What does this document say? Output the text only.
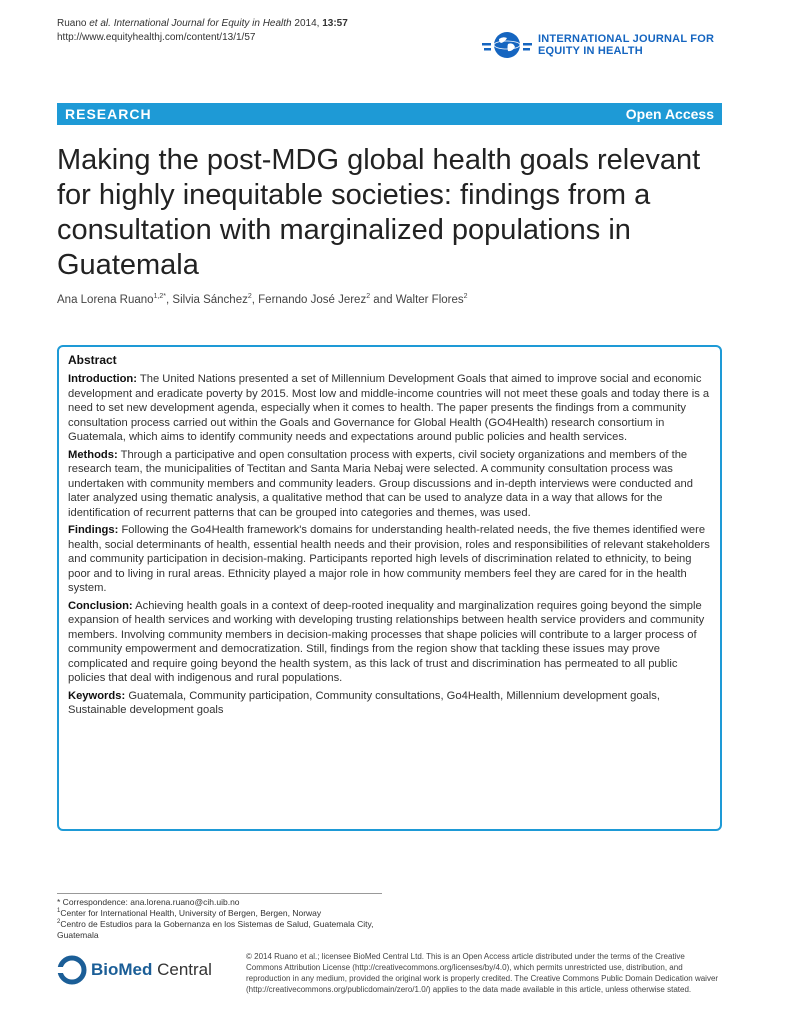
Ruano et al. International Journal for Equity in Health 2014, 13:57
http://www.equityhealthj.com/content/13/1/57	INTERNATIONAL JOURNAL FOR
EQUITY IN HEALTH
RESEARCH	Open Access
Making the post-MDG global health goals relevant for highly inequitable societies: findings from a consultation with marginalized populations in Guatemala
Ana Lorena Ruano$^{1,2*}$, Silvia Sánchez$^2$, Fernando José Jerez$^2$ and Walter Flores$^2$
Abstract

Introduction: The United Nations presented a set of Millennium Development Goals that aimed to improve social and economic development and eradicate poverty by 2015. Most low and middle-income countries will not meet these goals and today there is a need to set new development agenda, especially when it comes to health. The paper presents the findings from a community consultation process carried out within the Goals and Governance for Global Health (GO4Health) research consortium in Guatemala, which aims to identify community needs and expectations around public policies and health services.

Methods: Through a participative and open consultation process with experts, civil society organizations and members of the research team, the municipalities of Tectitan and Santa Maria Nebaj were selected. A community consultation process was undertaken with community members and community leaders. Group discussions and in-depth interviews were conducted and later analyzed using thematic analysis, a qualitative method that can be used to analyze data in a way that allows for the identification of recurrent patterns that can be grouped into categories and themes, was used.

Findings: Following the Go4Health framework's domains for understanding health-related needs, the five themes identified were health, social determinants of health, essential health needs and their provision, roles and responsibilities of relevant stakeholders and community participation in decision-making. Participants reported high levels of discrimination related to ethnicity, to being poor and to living in rural areas. Ethnicity played a major role in how community members feel they are cared for in the health system.

Conclusion: Achieving health goals in a context of deep-rooted inequality and marginalization requires going beyond the simple expansion of health services and working with developing trusting relationships between health service providers and community members. Involving community members in decision-making processes that shape policies will contribute to a larger process of community empowerment and democratization. Still, findings from the region show that tackling these issues may prove complicated and require going beyond the health system, as this lack of trust and discrimination has permeated to all public policies that deal with indigenous and rural populations.

Keywords: Guatemala, Community participation, Community consultations, Go4Health, Millennium development goals, Sustainable development goals

* Correspondence: ana.lorena.ruano@cih.uib.no
$^1$Center for International Health, University of Bergen, Bergen, Norway
$^2$Centro de Estudios para la Gobernanza en los Sistemas de Salud, Guatemala City, Guatemala
BioMed Central
© 2014 Ruano et al.; licensee BioMed Central Ltd. This is an Open Access article distributed under the terms of the Creative Commons Attribution License (http://creativecommons.org/licenses/by/4.0), which permits unrestricted use, distribution, and reproduction in any medium, provided the original work is properly credited. The Creative Commons Public Domain Dedication waiver (http://creativecommons.org/publicdomain/zero/1.0/) applies to the data made available in this article, unless otherwise stated.
